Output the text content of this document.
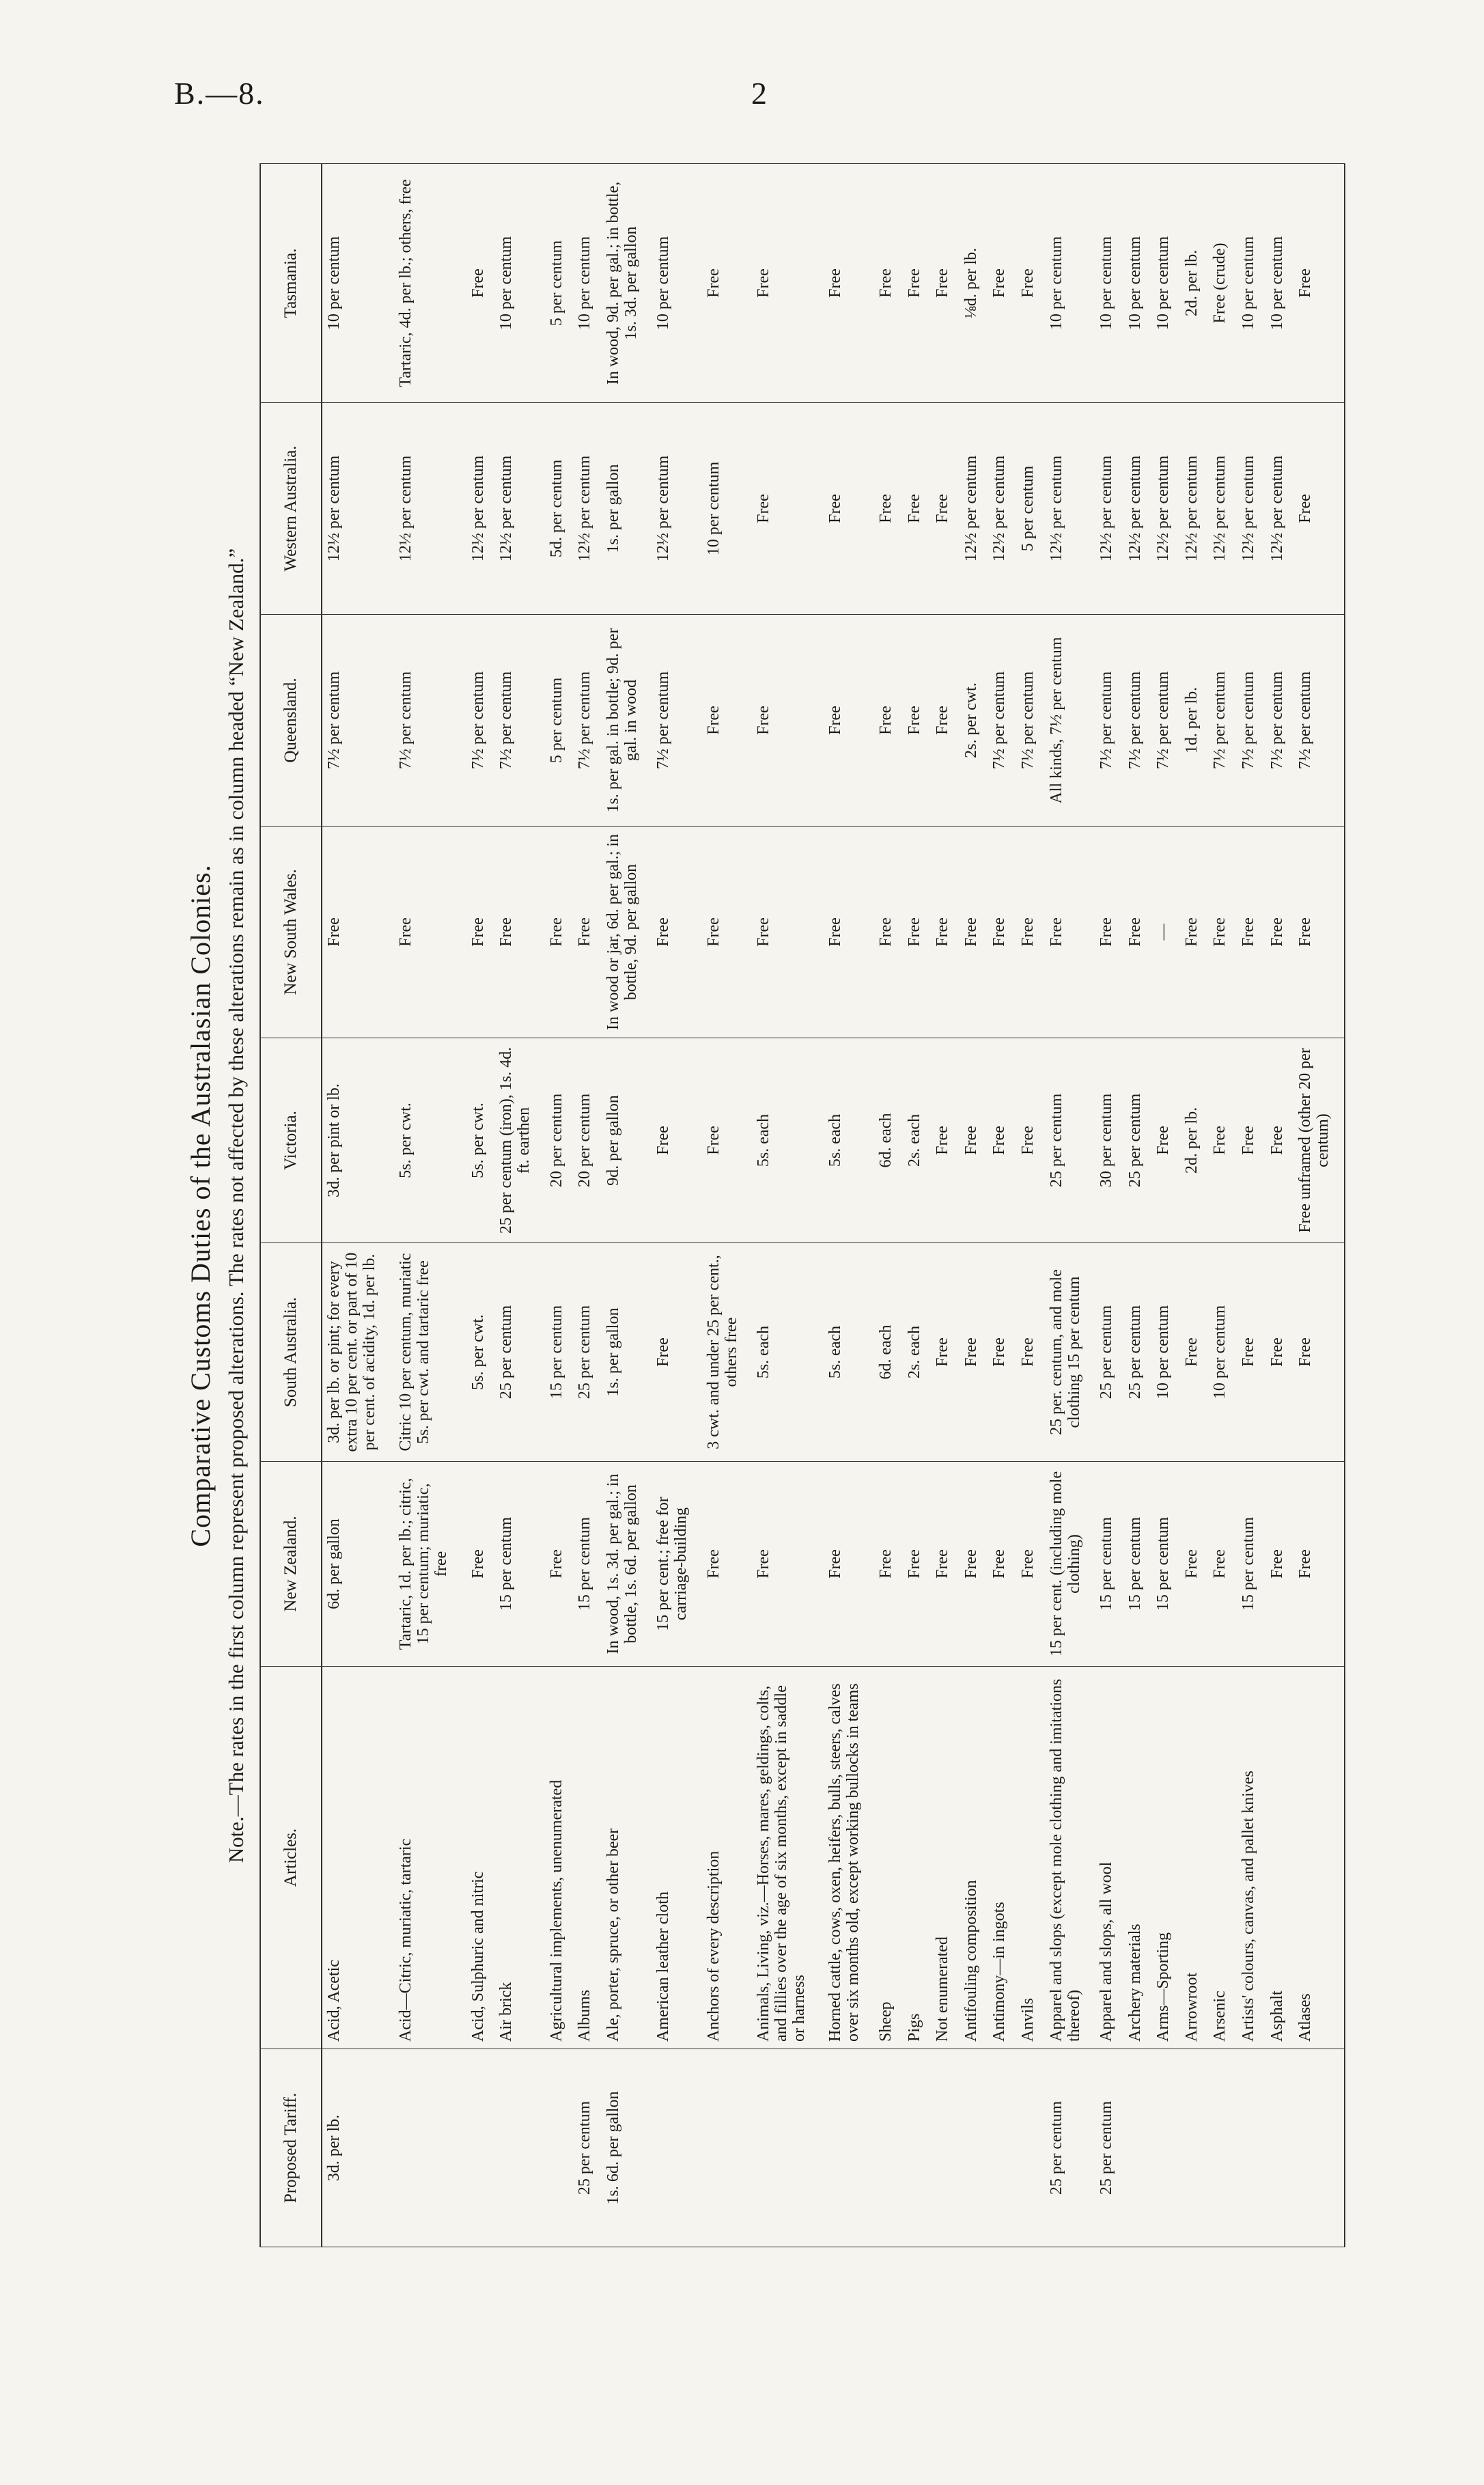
B.—8.	2
Comparative Customs Duties of the Australasian Colonies. Note.—The rates in the first column represent proposed alterations. The rates not affected by these alterations remain as in column headed “New Zealand.”
Proposed Tariff.	Articles.	New Zealand.	South Australia.	Victoria.	New South Wales.	Queensland.	Western Australia.	Tasmania.
3d. per lb.	Acid, Acetic	6d. per gallon	3d. per lb. or pint; for every extra 10 per cent. or part of 10 per cent. of acidity, 1d. per lb.	3d. per pint or lb.	Free	7½ per centum	12½ per centum	10 per centum
	Acid—Citric, muriatic, tartaric	Tartaric, 1d. per lb.; citric, 15 per centum; muriatic, free	Citric 10 per centum, muriatic 5s. per cwt. and tartaric free	5s. per cwt.	Free	7½ per centum	12½ per centum	Tartaric, 4d. per lb.; others, free
	Acid, Sulphuric and nitric	Free	5s. per cwt.	5s. per cwt.	Free	7½ per centum	12½ per centum	Free
	Air brick	15 per centum	25 per centum	25 per centum (iron), 1s. 4d. ft. earthen	Free	7½ per centum	12½ per centum	10 per centum
	Agricultural implements, unenumerated	Free	15 per centum	20 per centum	Free	5 per centum	5d. per centum	5 per centum
25 per centum	Albums	15 per centum	25 per centum	20 per centum	Free	7½ per centum	12½ per centum	10 per centum
1s. 6d. per gallon	Ale, porter, spruce, or other beer	In wood, 1s. 3d. per gal.; in bottle, 1s. 6d. per gallon	1s. per gallon	9d. per gallon	In wood or jar, 6d. per gal.; in bottle, 9d. per gallon	1s. per gal. in bottle; 9d. per gal. in wood	1s. per gallon	In wood, 9d. per gal.; in bottle, 1s. 3d. per gallon
	American leather cloth	15 per cent.; free for carriage-building	Free	Free	Free	7½ per centum	12½ per centum	10 per centum
	Anchors of every description	Free	3 cwt. and under 25 per cent., others free	Free	Free	Free	10 per centum	Free
	Animals, Living, viz.—Horses, mares, geldings, colts, and fillies over the age of six months, except in saddle or harness	Free	5s. each	5s. each	Free	Free	Free	Free
	Horned cattle, cows, oxen, heifers, bulls, steers, calves over six months old, except working bullocks in teams	Free	5s. each	5s. each	Free	Free	Free	Free
	Sheep	Free	6d. each	6d. each	Free	Free	Free	Free
	Pigs	Free	2s. each	2s. each	Free	Free	Free	Free
	Not enumerated	Free	Free	Free	Free	Free	Free	Free
	Antifouling composition	Free	Free	Free	Free	2s. per cwt.	12½ per centum	⅛d. per lb.
	Antimony—in ingots	Free	Free	Free	Free	7½ per centum	12½ per centum	Free
	Anvils	Free	Free	Free	Free	7½ per centum	5 per centum	Free
25 per centum	Apparel and slops (except mole clothing and imitations thereof)	15 per cent. (including mole clothing)	25 per. centum, and mole clothing 15 per centum	25 per centum	Free	All kinds, 7½ per centum	12½ per centum	10 per centum
25 per centum	Apparel and slops, all wool	15 per centum	25 per centum	30 per centum	Free	7½ per centum	12½ per centum	10 per centum
	Archery materials	15 per centum	25 per centum	25 per centum	Free	7½ per centum	12½ per centum	10 per centum
	Arms—Sporting	15 per centum	10 per centum	Free	—	7½ per centum	12½ per centum	10 per centum
	Arrowroot	Free	Free	2d. per lb.	Free	1d. per lb.	12½ per centum	2d. per lb.
	Arsenic	Free	10 per centum	Free	Free	7½ per centum	12½ per centum	Free (crude)
	Artists' colours, canvas, and pallet knives	15 per centum	Free	Free	Free	7½ per centum	12½ per centum	10 per centum
	Asphalt	Free	Free	Free	Free	7½ per centum	12½ per centum	10 per centum
	Atlases	Free	Free	Free unframed (other 20 per centum)	Free	7½ per centum	Free	Free
